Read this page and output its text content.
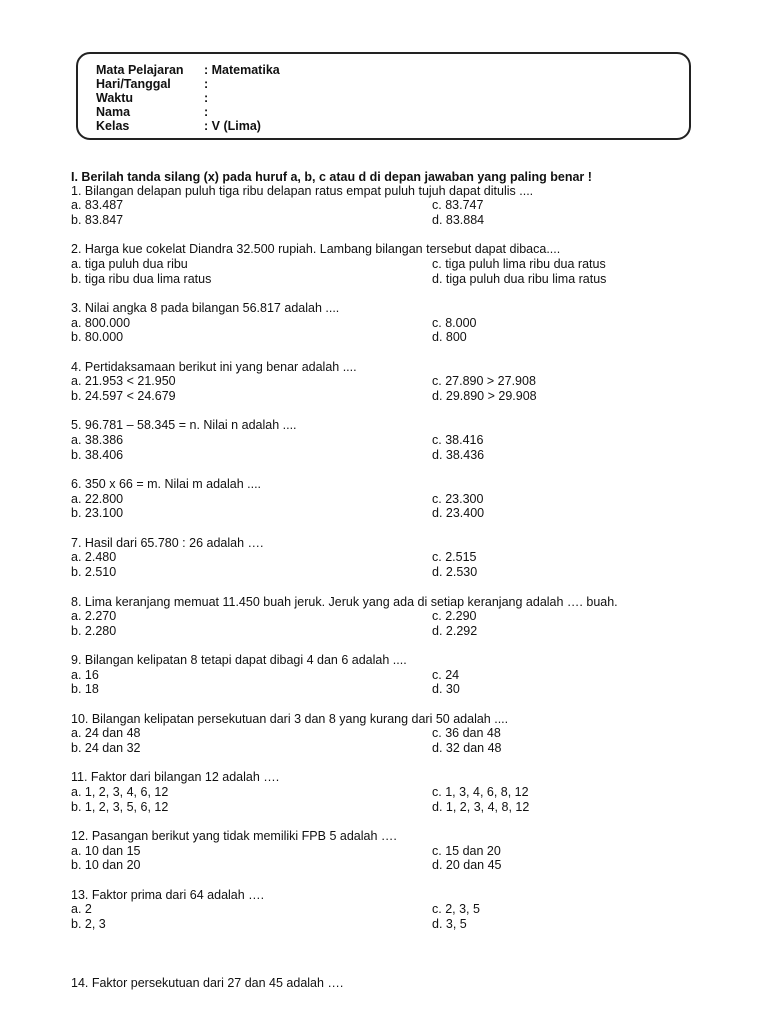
Mata Pelajaran : Matematika
Hari/Tanggal	:
Waktu	:
Nama	:
Kelas	: V (Lima)
I. Berilah tanda silang (x) pada huruf a, b, c atau d di depan jawaban yang paling benar !
1. Bilangan delapan puluh tiga ribu delapan ratus empat puluh tujuh dapat ditulis ....
a. 83.487	c. 83.747
b. 83.847	d. 83.884
2. Harga kue cokelat Diandra 32.500 rupiah. Lambang bilangan tersebut dapat dibaca....
a. tiga puluh dua ribu	c. tiga puluh lima ribu dua ratus
b. tiga ribu dua lima ratus	d. tiga puluh dua ribu lima ratus
3. Nilai angka 8 pada bilangan 56.817 adalah ....
a. 800.000	c. 8.000
b. 80.000	d. 800
4. Pertidaksamaan berikut ini yang benar adalah ....
a. 21.953 < 21.950	c. 27.890 > 27.908
b. 24.597 < 24.679	d. 29.890 > 29.908
5. 96.781 – 58.345 = n. Nilai n adalah ....
a. 38.386	c. 38.416
b. 38.406	d. 38.436
6. 350 x 66 = m. Nilai m adalah ....
a. 22.800	c. 23.300
b. 23.100	d. 23.400
7. Hasil dari 65.780 : 26 adalah ….
a. 2.480	c. 2.515
b. 2.510	d. 2.530
8. Lima keranjang memuat 11.450 buah jeruk. Jeruk yang ada di setiap keranjang adalah …. buah.
a. 2.270	c. 2.290
b. 2.280	d. 2.292
9. Bilangan kelipatan 8 tetapi dapat dibagi 4 dan 6 adalah ....
a. 16	c. 24
b. 18	d. 30
10. Bilangan kelipatan persekutuan dari 3 dan 8 yang kurang dari 50 adalah ....
a. 24 dan 48	c. 36 dan 48
b. 24 dan 32	d. 32 dan 48
11. Faktor dari bilangan 12 adalah ….
a. 1, 2, 3, 4, 6, 12	c. 1, 3, 4, 6, 8, 12
b. 1, 2, 3, 5, 6, 12	d. 1, 2, 3, 4, 8, 12
12. Pasangan berikut yang tidak memiliki FPB 5 adalah ….
a. 10 dan 15	c. 15 dan 20
b. 10 dan 20	d. 20 dan 45
13. Faktor prima dari 64 adalah ….
a. 2	c. 2, 3, 5
b. 2, 3	d. 3, 5
14. Faktor persekutuan dari 27 dan 45 adalah ….
